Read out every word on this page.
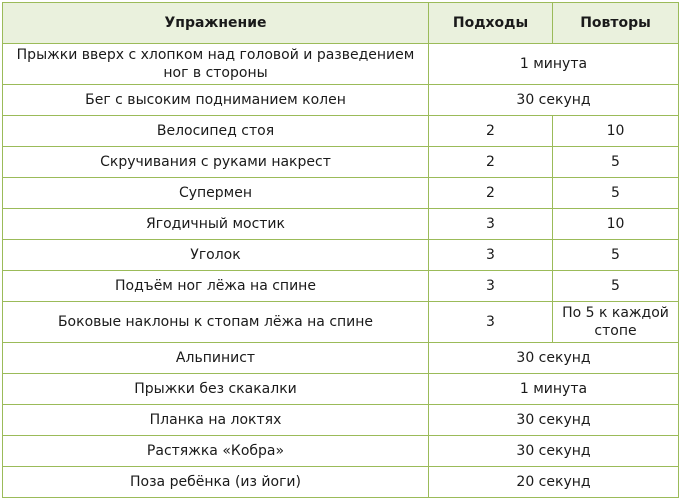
Упражнение	Подходы	Повторы
Прыжки вверх с хлопком над головой и разведением ног в стороны	1 минута	
Бег с высоким подниманием колен	30 секунд	
Велосипед стоя	2	10
Скручивания с руками накрест	2	5
Супермен	2	5
Ягодичный мостик	3	10
Уголок	3	5
Подъём ног лёжа на спине	3	5
Боковые наклоны к стопам лёжа на спине	3	По 5 к каждой стопе
Альпинист	30 секунд	
Прыжки без скакалки	1 минута	
Планка на локтях	30 секунд	
Растяжка «Кобра»	30 секунд	
Поза ребёнка (из йоги)	20 секунд	
